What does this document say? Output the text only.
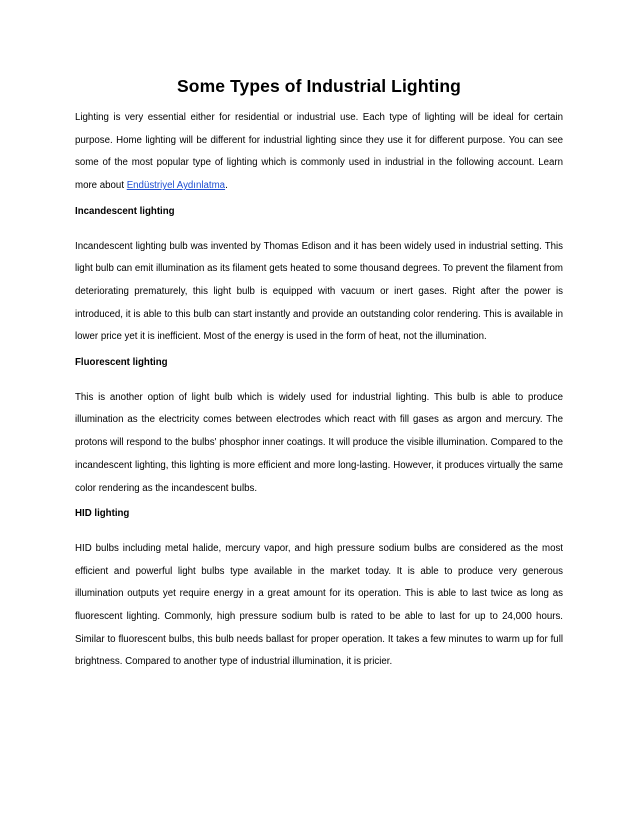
Some Types of Industrial Lighting

Lighting is very essential either for residential or industrial use. Each type of lighting will be ideal for certain purpose. Home lighting will be different for industrial lighting since they use it for different purpose. You can see some of the most popular type of lighting which is commonly used in industrial in the following account. Learn more about Endüstriyel Aydınlatma.

Incandescent lighting

Incandescent lighting bulb was invented by Thomas Edison and it has been widely used in industrial setting. This light bulb can emit illumination as its filament gets heated to some thousand degrees. To prevent the filament from deteriorating prematurely, this light bulb is equipped with vacuum or inert gases. Right after the power is introduced, it is able to this bulb can start instantly and provide an outstanding color rendering. This is available in lower price yet it is inefficient. Most of the energy is used in the form of heat, not the illumination.

Fluorescent lighting

This is another option of light bulb which is widely used for industrial lighting. This bulb is able to produce illumination as the electricity comes between electrodes which react with fill gases as argon and mercury. The protons will respond to the bulbs' phosphor inner coatings. It will produce the visible illumination. Compared to the incandescent lighting, this lighting is more efficient and more long-lasting. However, it produces virtually the same color rendering as the incandescent bulbs.

HID lighting

HID bulbs including metal halide, mercury vapor, and high pressure sodium bulbs are considered as the most efficient and powerful light bulbs type available in the market today. It is able to produce very generous illumination outputs yet require energy in a great amount for its operation. This is able to last twice as long as fluorescent lighting. Commonly, high pressure sodium bulb is rated to be able to last for up to 24,000 hours. Similar to fluorescent bulbs, this bulb needs ballast for proper operation. It takes a few minutes to warm up for full brightness. Compared to another type of industrial illumination, it is pricier.
